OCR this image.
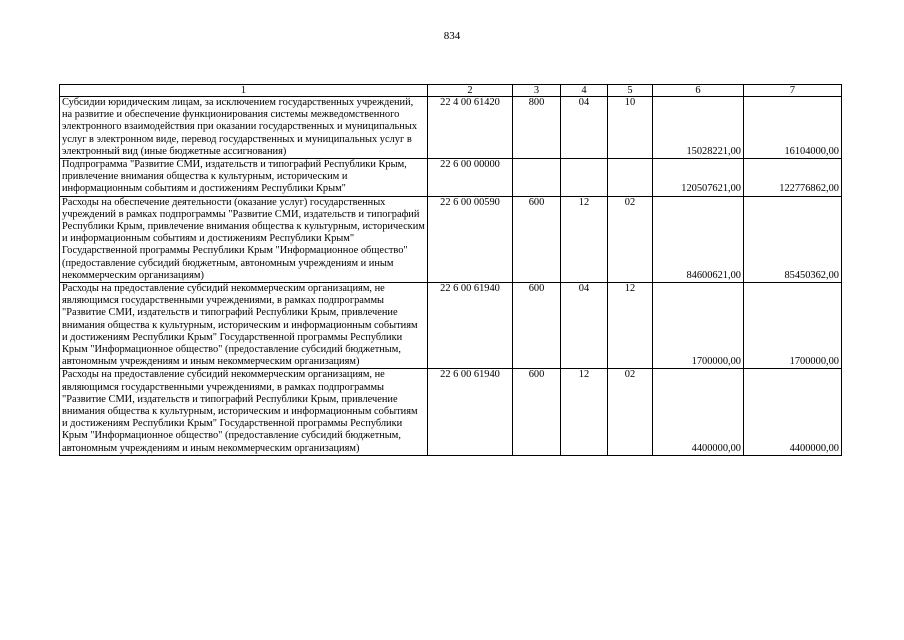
834
1	2	3	4	5	6	7
Субсидии юридическим лицам, за исключением государственных учреждений, на развитие и обеспечение функционирования системы межведомственного электронного взаимодействия при оказании государственных и муниципальных услуг в электронном виде, перевод государственных и муниципальных услуг в электронный вид (иные бюджетные ассигнования)	22 4 00 61420	800	04	10	15028221,00	16104000,00
Подпрограмма "Развитие СМИ, издательств и типографий Республики Крым, привлечение внимания общества к культурным, историческим и информационным событиям и достижениям Республики Крым"	22 6 00 00000				120507621,00	122776862,00
Расходы на обеспечение деятельности (оказание услуг) государственных учреждений в рамках подпрограммы "Развитие СМИ, издательств и типографий Республики Крым, привлечение внимания общества к культурным, историческим и информационным событиям и достижениям Республики Крым" Государственной программы Республики Крым "Информационное общество" (предоставление субсидий бюджетным, автономным учреждениям и иным некоммерческим организациям)	22 6 00 00590	600	12	02	84600621,00	85450362,00
Расходы на предоставление субсидий некоммерческим организациям, не являющимся государственными учреждениями, в рамках подпрограммы "Развитие СМИ, издательств и типографий Республики Крым, привлечение внимания общества к культурным, историческим и информационным событиям и достижениям Республики Крым" Государственной программы Республики Крым "Информационное общество" (предоставление субсидий бюджетным, автономным учреждениям и иным некоммерческим организациям)	22 6 00 61940	600	04	12	1700000,00	1700000,00
Расходы на предоставление субсидий некоммерческим организациям, не являющимся государственными учреждениями, в рамках подпрограммы "Развитие СМИ, издательств и типографий Республики Крым, привлечение внимания общества к культурным, историческим и информационным событиям и достижениям Республики Крым" Государственной программы Республики Крым "Информационное общество" (предоставление субсидий бюджетным, автономным учреждениям и иным некоммерческим организациям)	22 6 00 61940	600	12	02	4400000,00	4400000,00
